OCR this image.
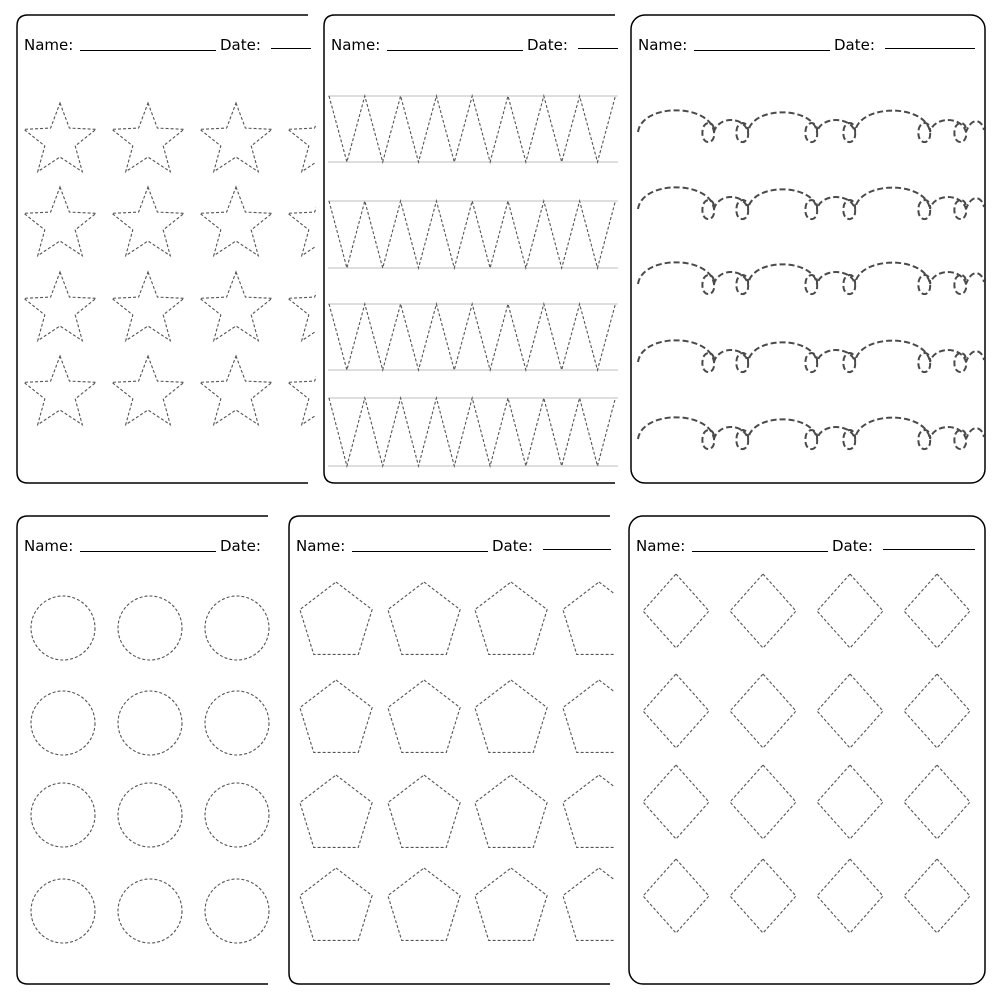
Name:	Date:	Name:	Date:	Name:	Date:
Name:	Date: Name:	Date:	Name:	Date:
